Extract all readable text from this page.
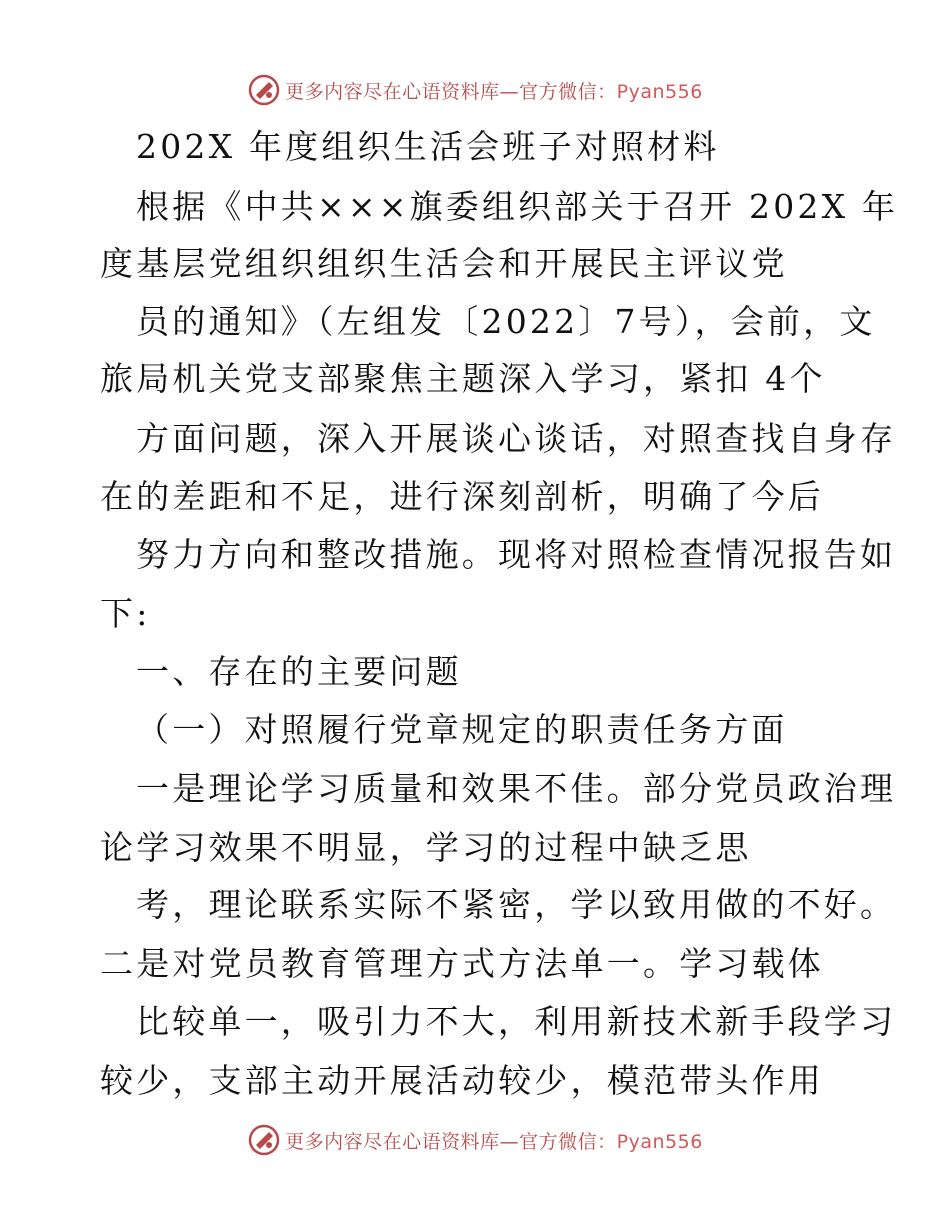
更多内容尽在心语资料库—官方微信：Pyan556
202X 年度组织生活会班子对照材料
根据《中共×××旗委组织部关于召开 202X 年
度基层党组织组织生活会和开展民主评议党
员的通知》（左组发〔2022〕7号），会前，文
旅局机关党支部聚焦主题深入学习，紧扣 4个
方面问题，深入开展谈心谈话，对照查找自身存
在的差距和不足，进行深刻剖析，明确了今后
努力方向和整改措施。现将对照检查情况报告如
下:
一、存在的主要问题
（一）对照履行党章规定的职责任务方面
一是理论学习质量和效果不佳。部分党员政治理
论学习效果不明显，学习的过程中缺乏思
考，理论联系实际不紧密，学以致用做的不好。
二是对党员教育管理方式方法单一。学习载体
比较单一，吸引力不大，利用新技术新手段学习
较少，支部主动开展活动较少，模范带头作用
更多内容尽在心语资料库—官方微信：Pyan556
